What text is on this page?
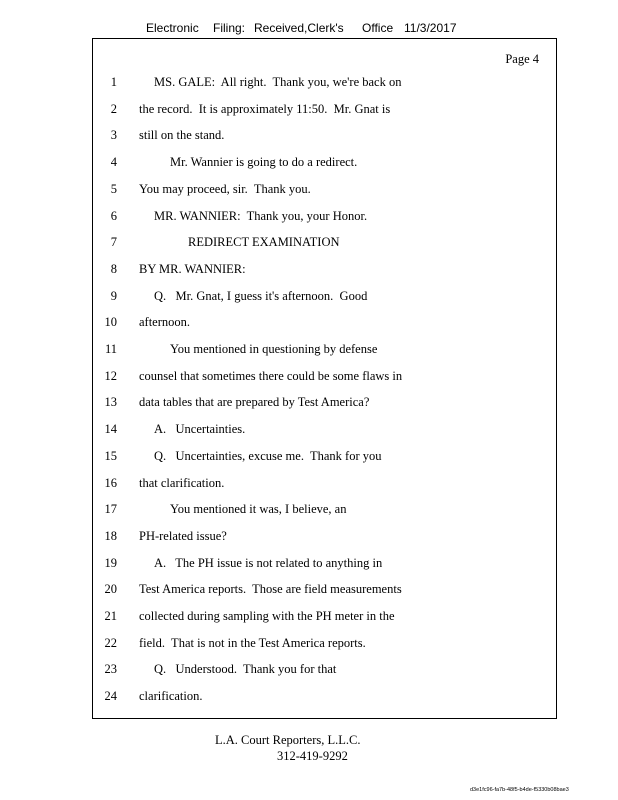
Electronic Filing: Received,Clerk's Office 11/3/2017
Page 4
1	MS. GALE:  All right.  Thank you, we're back on
2 the record.  It is approximately 11:50.  Mr. Gnat is
3 still on the stand.
4	Mr. Wannier is going to do a redirect.
5 You may proceed, sir.  Thank you.
6	MR. WANNIER:  Thank you, your Honor.
7	REDIRECT EXAMINATION
8 BY MR. WANNIER:
9	Q.   Mr. Gnat, I guess it's afternoon.  Good
10 afternoon.
11	You mentioned in questioning by defense
12 counsel that sometimes there could be some flaws in
13 data tables that are prepared by Test America?
14	A.   Uncertainties.
15	Q.   Uncertainties, excuse me.  Thank for you
16 that clarification.
17	You mentioned it was, I believe, an
18 PH-related issue?
19	A.   The PH issue is not related to anything in
20 Test America reports.  Those are field measurements
21 collected during sampling with the PH meter in the
22 field.  That is not in the Test America reports.
23	Q.   Understood.  Thank you for that
24 clarification.
L.A. Court Reporters, L.L.C.
312-419-9292
d3e1fc96-fa7b-48f5-b4de-f5330b08bae3
